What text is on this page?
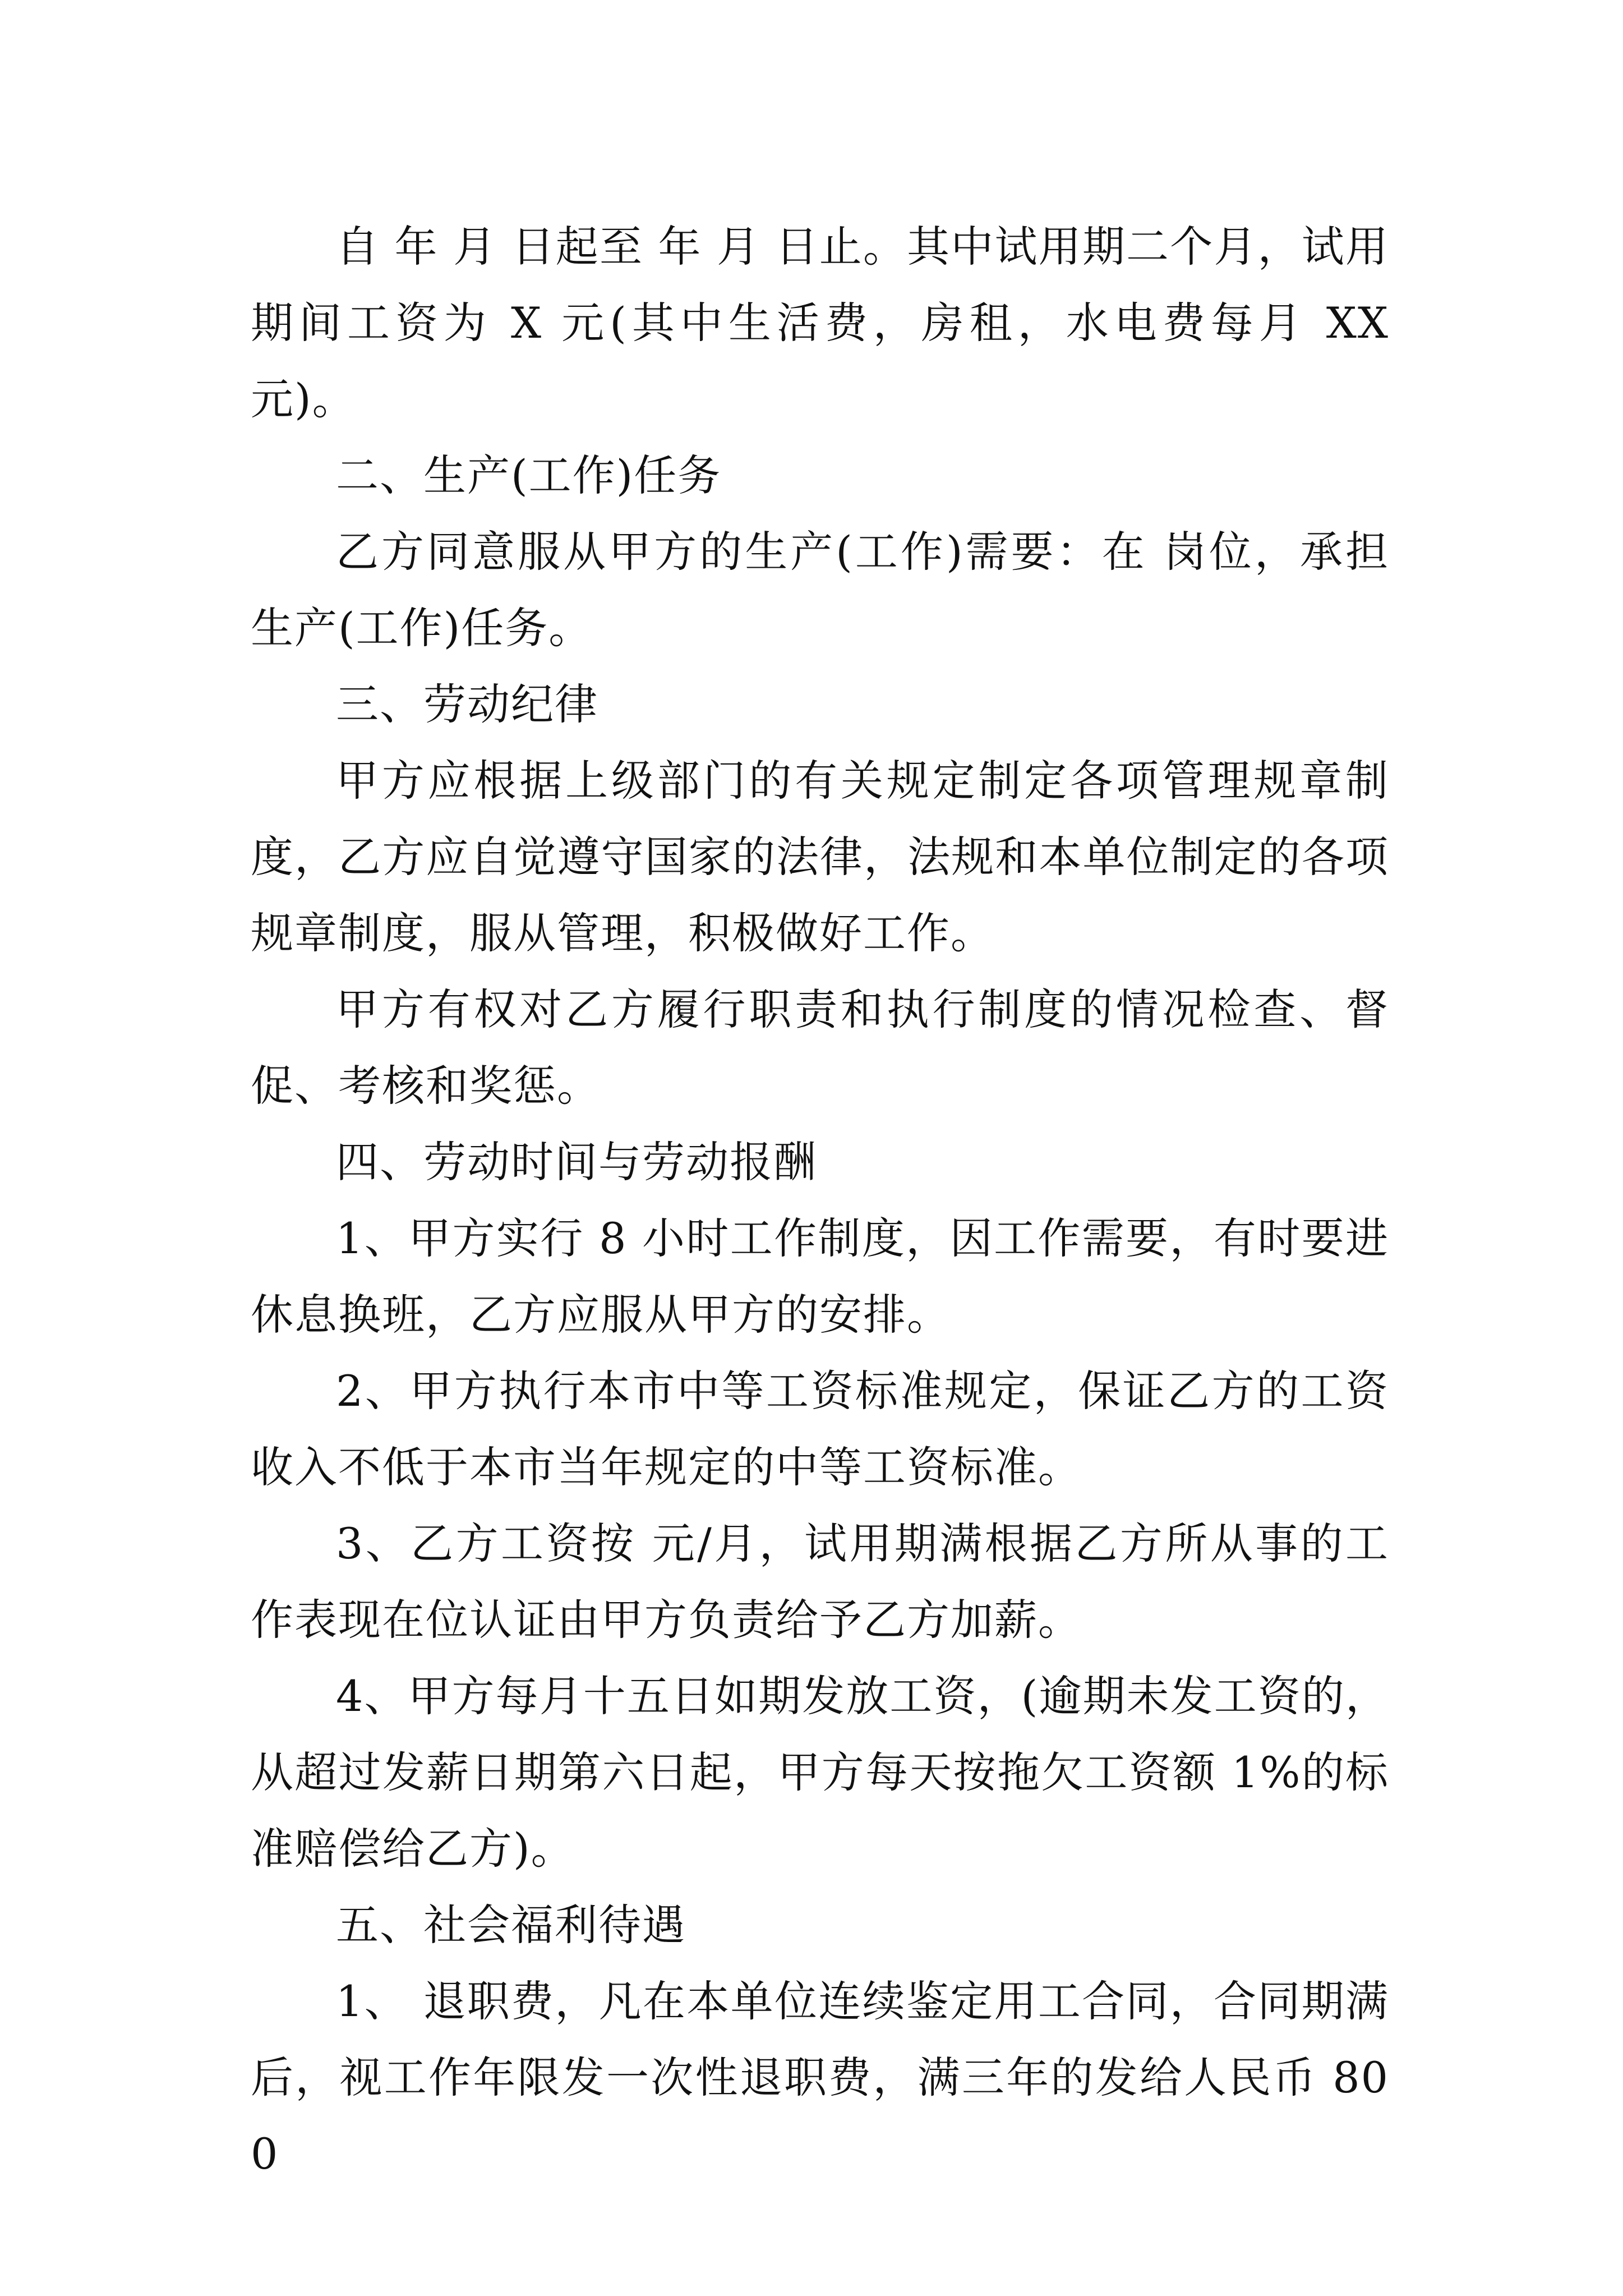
自 年 月 日起至 年 月 日止。其中试用期二个月，试用期间工资为 X 元(其中生活费，房租，水电费每月 XX 元)。

二、生产(工作)任务

乙方同意服从甲方的生产(工作)需要：在 岗位，承担生产(工作)任务。

三、劳动纪律

甲方应根据上级部门的有关规定制定各项管理规章制度，乙方应自觉遵守国家的法律，法规和本单位制定的各项规章制度，服从管理，积极做好工作。

甲方有权对乙方履行职责和执行制度的情况检查、督促、考核和奖惩。

四、劳动时间与劳动报酬

1、甲方实行 8 小时工作制度，因工作需要，有时要进休息换班，乙方应服从甲方的安排。

2、甲方执行本市中等工资标准规定，保证乙方的工资收入不低于本市当年规定的中等工资标准。

3、乙方工资按 元/月，试用期满根据乙方所从事的工作表现在位认证由甲方负责给予乙方加薪。

4、甲方每月十五日如期发放工资，(逾期未发工资的，从超过发薪日期第六日起，甲方每天按拖欠工资额 1%的标准赔偿给乙方)。

五、社会福利待遇

1、 退职费，凡在本单位连续鉴定用工合同，合同期满后，视工作年限发一次性退职费，满三年的发给人民币 800
